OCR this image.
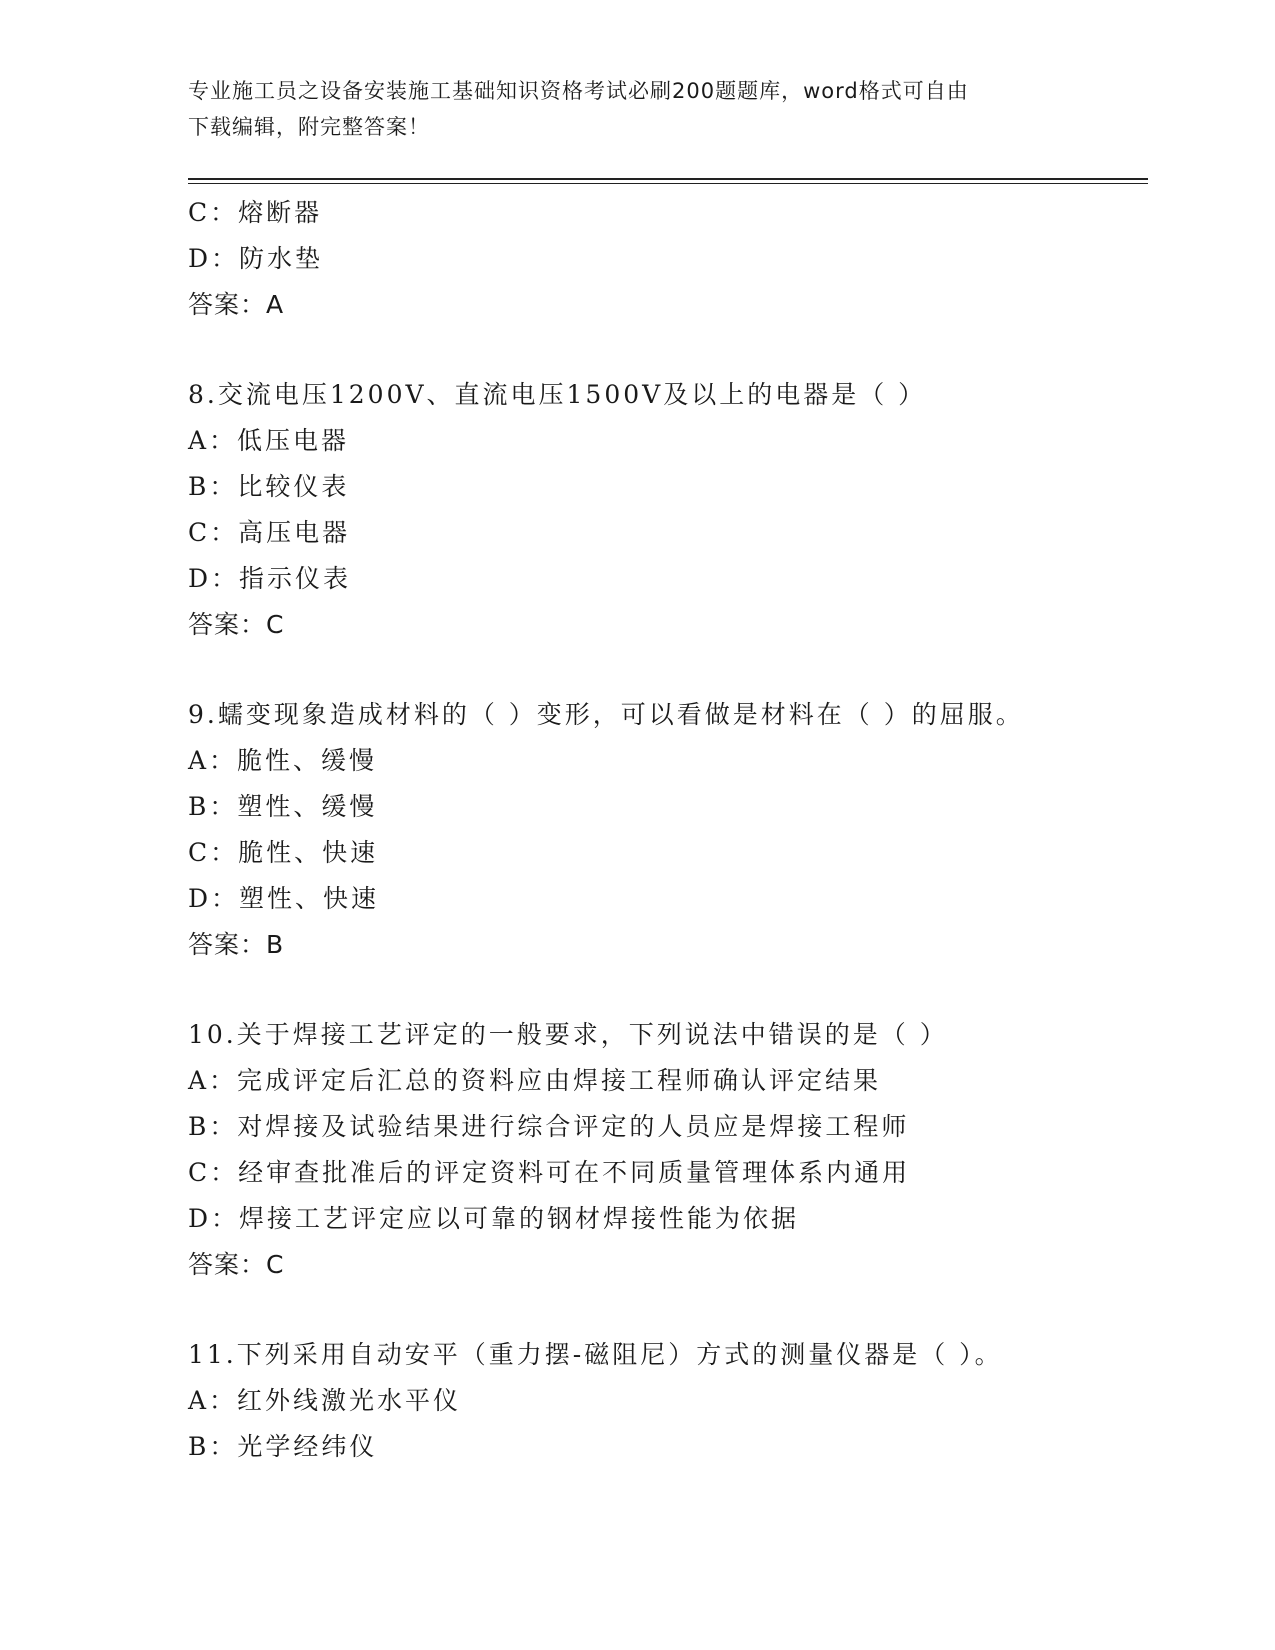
专业施工员之设备安装施工基础知识资格考试必刷200题题库，word格式可自由
下载编辑，附完整答案！
C：熔断器
D：防水垫
答案：A
8.交流电压1200V、直流电压1500V及以上的电器是（ ）
A：低压电器
B：比较仪表
C：高压电器
D：指示仪表
答案：C
9.蠕变现象造成材料的（ ）变形，可以看做是材料在（ ）的屈服。
A：脆性、缓慢
B：塑性、缓慢
C：脆性、快速
D：塑性、快速
答案：B
10.关于焊接工艺评定的一般要求，下列说法中错误的是（ ）
A：完成评定后汇总的资料应由焊接工程师确认评定结果
B：对焊接及试验结果进行综合评定的人员应是焊接工程师
C：经审查批准后的评定资料可在不同质量管理体系内通用
D：焊接工艺评定应以可靠的钢材焊接性能为依据
答案：C
11.下列采用自动安平（重力摆-磁阻尼）方式的测量仪器是（ ）。
A：红外线激光水平仪
B：光学经纬仪
